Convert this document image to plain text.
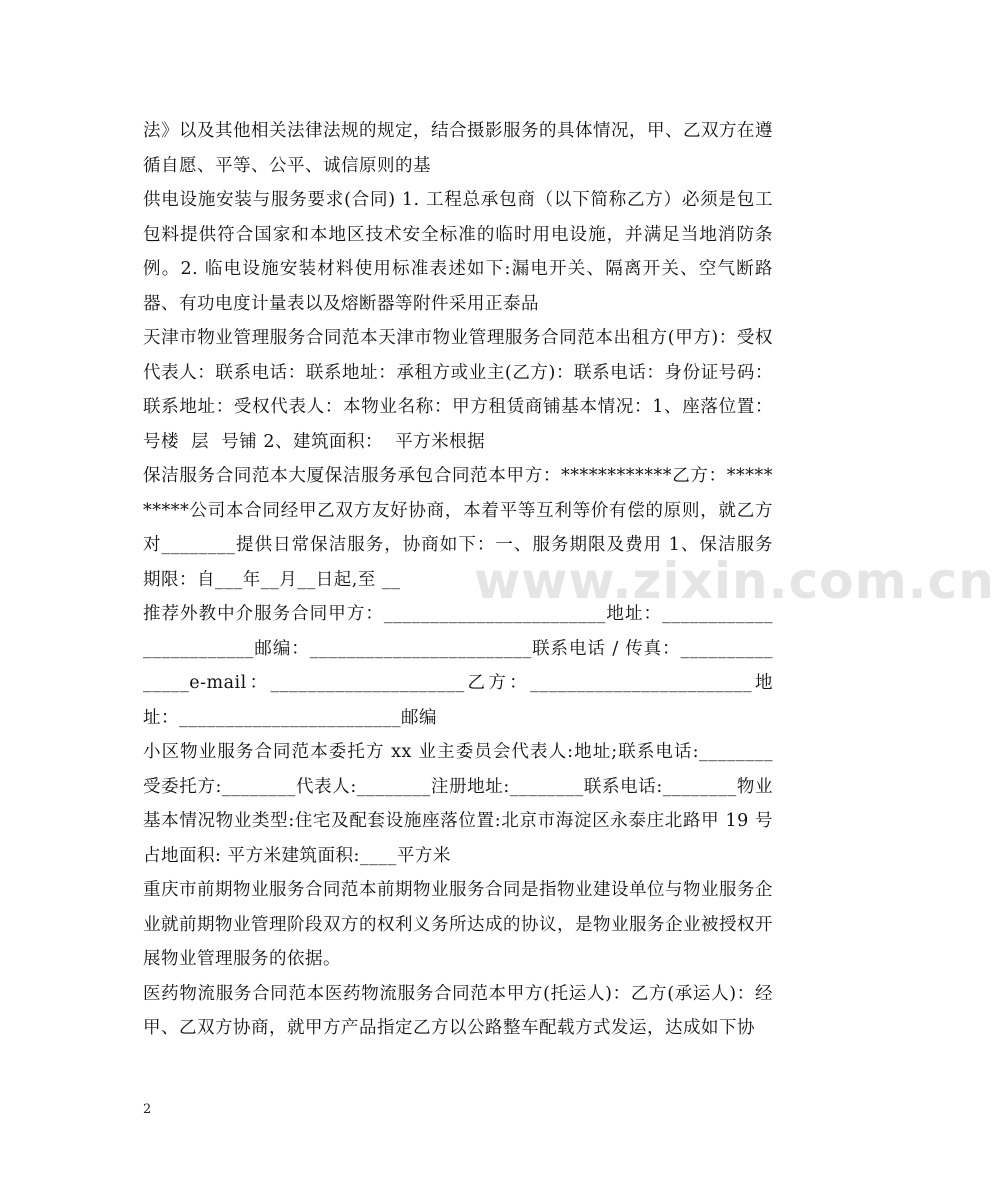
法》以及其他相关法律法规的规定，结合摄影服务的具体情况，甲、乙双方在遵循自愿、平等、公平、诚信原则的基

供电设施安装与服务要求(合同) 1. 工程总承包商（以下简称乙方）必须是包工包料提供符合国家和本地区技术安全标准的临时用电设施，并满足当地消防条例。2. 临电设施安装材料使用标准表述如下:漏电开关、隔离开关、空气断路器、有功电度计量表以及熔断器等附件采用正泰品

天津市物业管理服务合同范本天津市物业管理服务合同范本出租方(甲方)：受权代表人：联系电话：联系地址：承租方或业主(乙方)：联系电话：身份证号码：联系地址：受权代表人：本物业名称：甲方租赁商铺基本情况：1、座落位置：号楼  层  号铺 2、建筑面积：  平方米根据

保洁服务合同范本大厦保洁服务承包合同范本甲方：************乙方：**********公司本合同经甲乙双方友好协商，本着平等互利等价有偿的原则，就乙方对________提供日常保洁服务，协商如下：一、服务期限及费用 1、保洁服务期限：自___年__月__日起,至 __

推荐外教中介服务合同甲方：________________________地址：________________________邮编：________________________联系电话 / 传真：_______________e-mail：_____________________乙方：________________________地址：________________________邮编

小区物业服务合同范本委托方 xx 业主委员会代表人:地址;联系电话:________受委托方:________代表人:________注册地址:________联系电话:________物业基本情况物业类型:住宅及配套设施座落位置:北京市海淀区永泰庄北路甲 19 号占地面积: 平方米建筑面积:____平方米

重庆市前期物业服务合同范本前期物业服务合同是指物业建设单位与物业服务企业就前期物业管理阶段双方的权利义务所达成的协议，是物业服务企业被授权开展物业管理服务的依据。

医药物流服务合同范本医药物流服务合同范本甲方(托运人)：乙方(承运人)：经甲、乙双方协商，就甲方产品指定乙方以公路整车配载方式发运，达成如下协

www.zixin.com.cn
2
